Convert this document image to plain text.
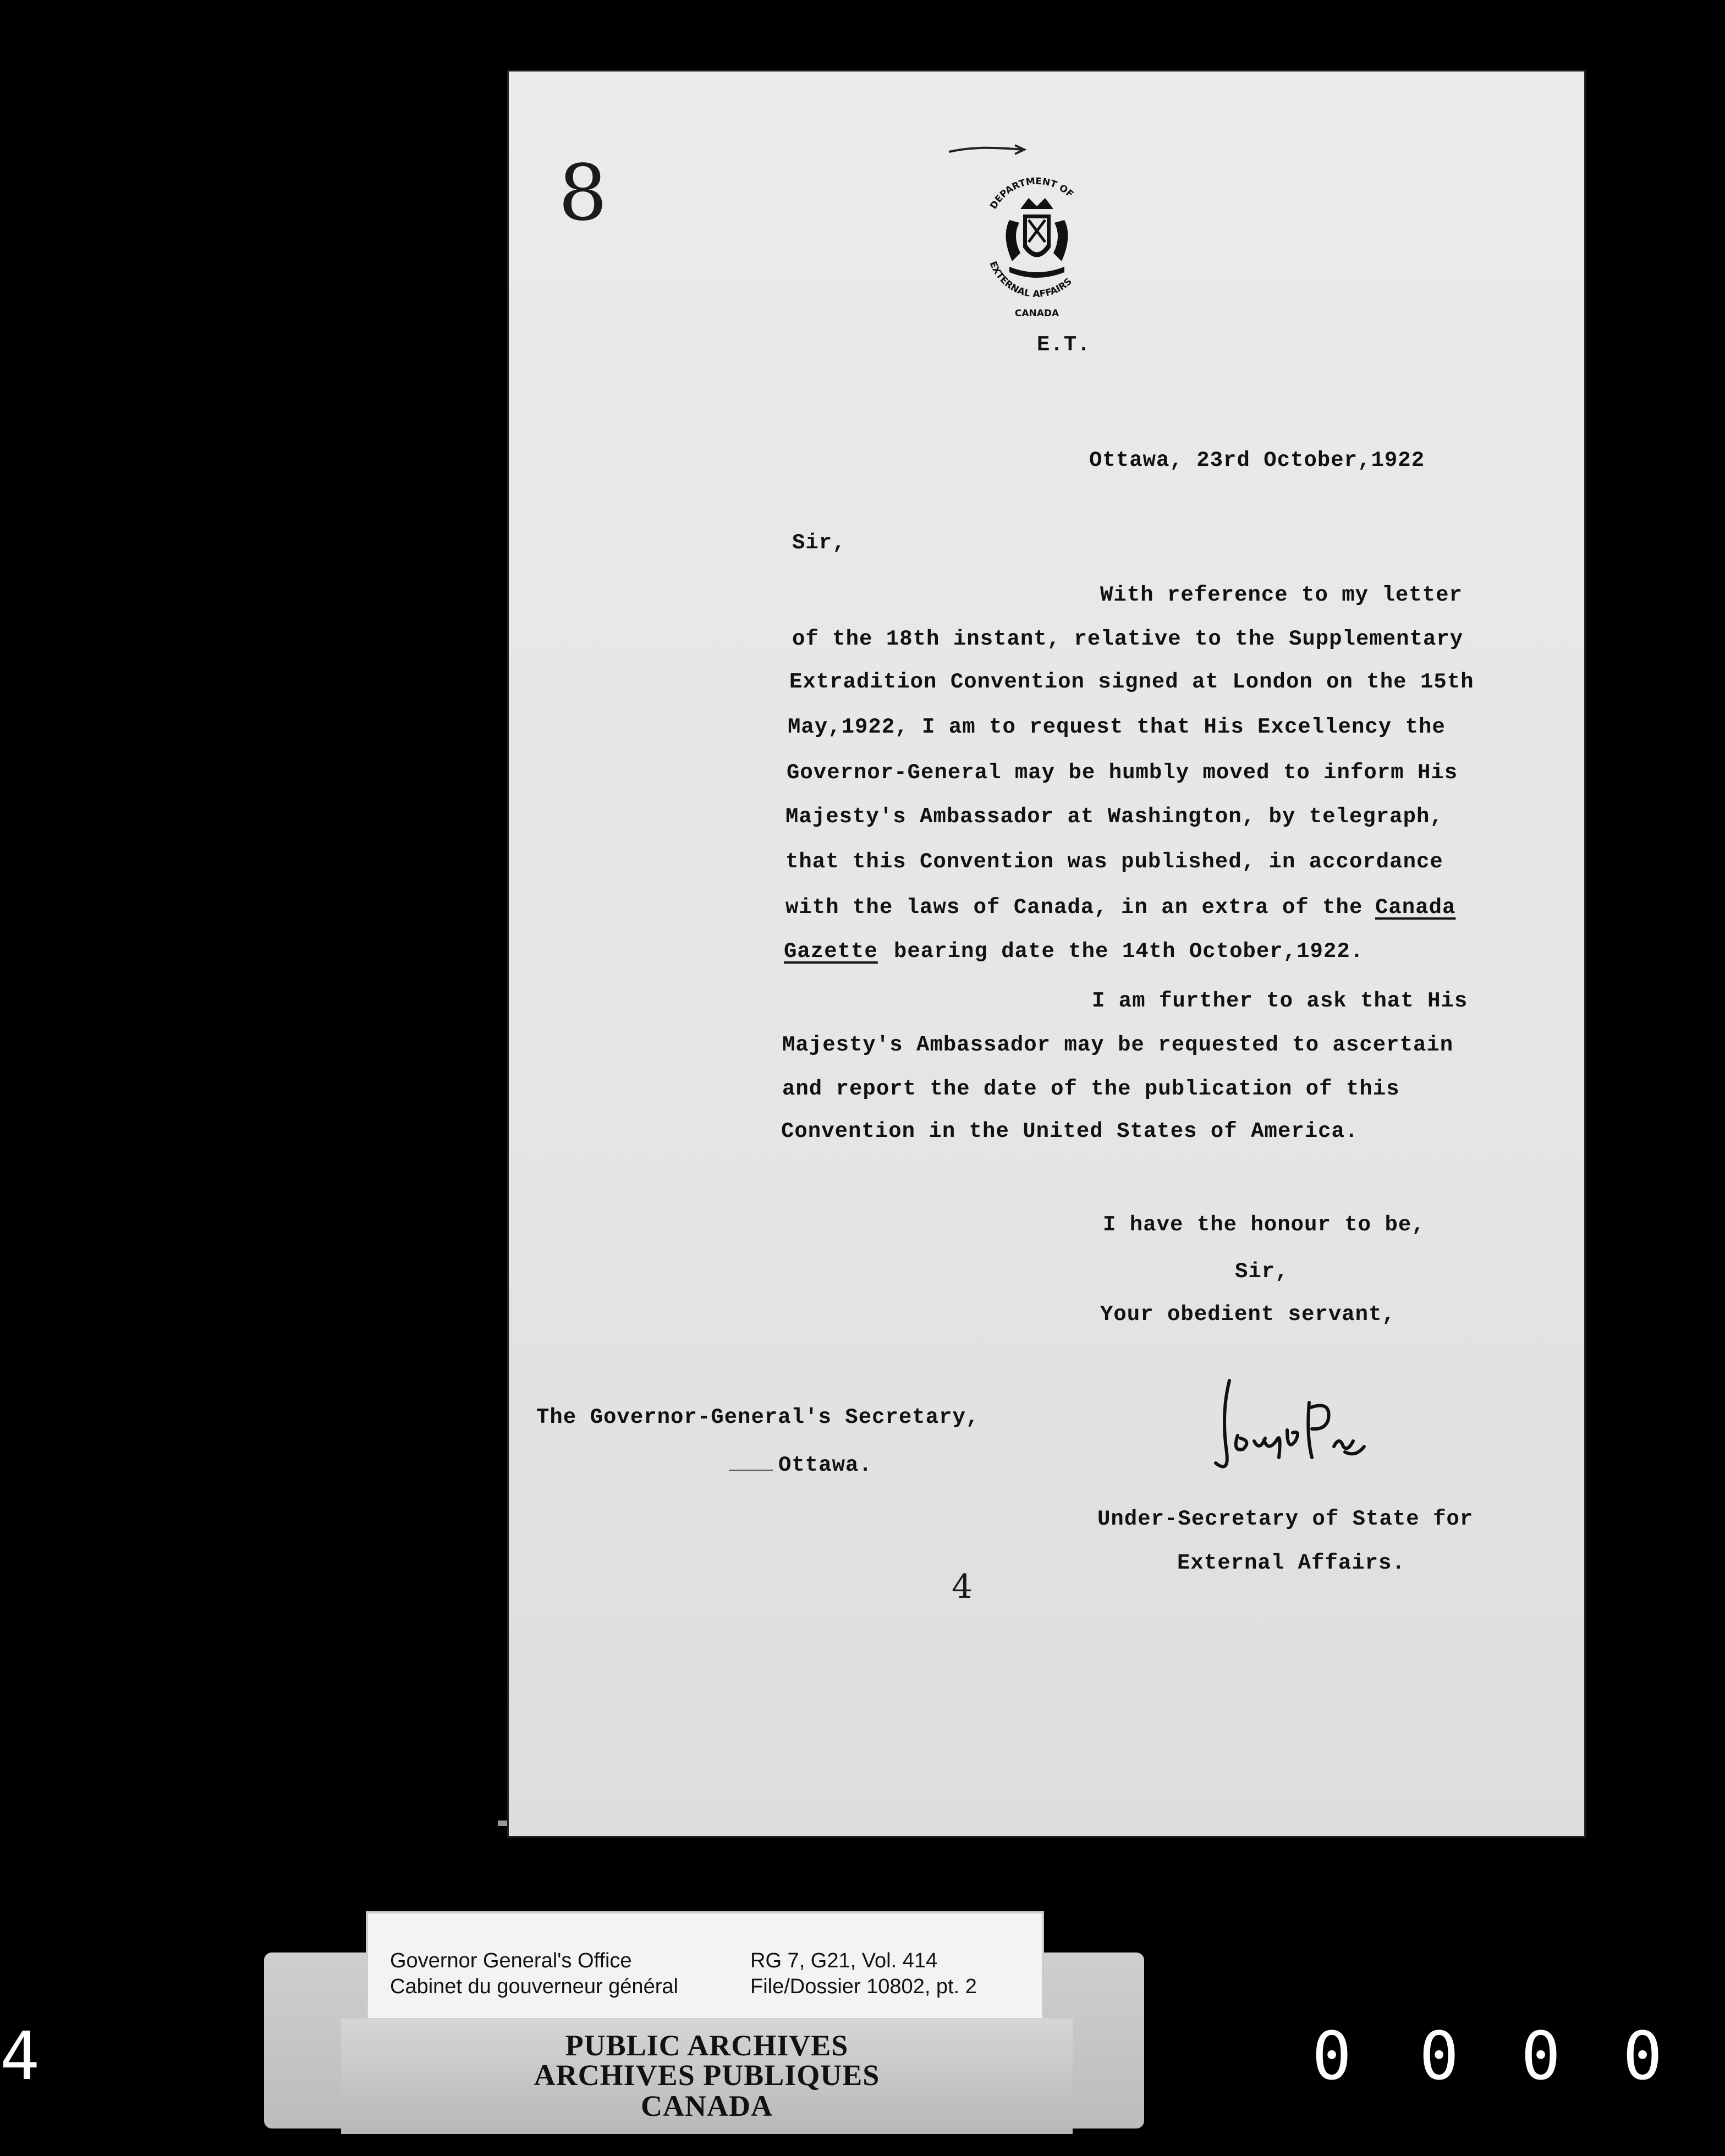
8	DEPARTMENT OF
EXTERNAL AFFAIRS
CANADA
E.T.
Ottawa, 23rd October,1922
Sir,
With reference to my letter
of the 18th instant, relative to the Supplementary
Extradition Convention signed at London on the 15th
May,1922, I am to request that His Excellency the
Governor-General may be humbly moved to inform His
Majesty's Ambassador at Washington, by telegraph,
that this Convention was published, in accordance
with the laws of Canada, in an extra of the Canada
Gazette bearing date the 14th October,1922.
I am further to ask that His
Majesty's Ambassador may be requested to ascertain
and report the date of the publication of this
Convention in the United States of America.
I have the honour to be,
Sir,
Your obedient servant,
The Governor-General's Secretary,
Ottawa.
Under-Secretary of State for
External Affairs.
4
Governor General's Office
Cabinet du gouverneur général
RG 7, G21, Vol. 414
File/Dossier 10802, pt. 2
PUBLIC ARCHIVES
ARCHIVES PUBLIQUES
CANADA
4	0 0 0 0
